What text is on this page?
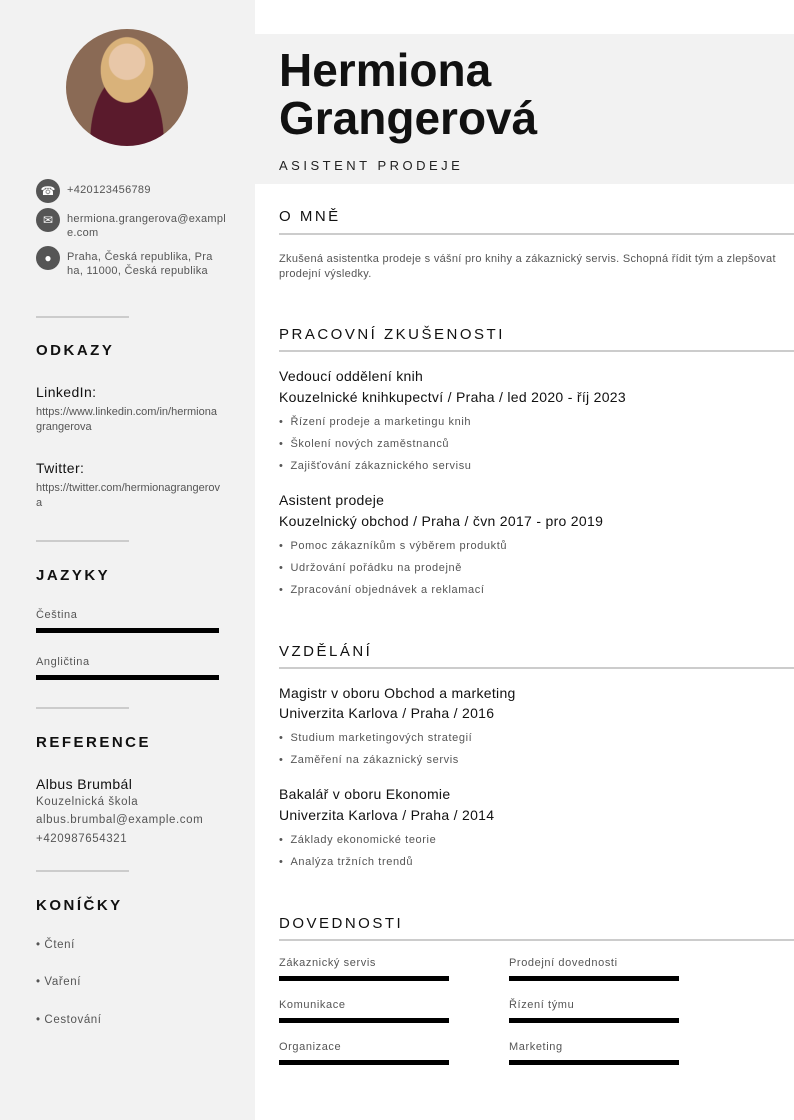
☎	+420123456789
✉	hermiona.grangerova@example.com
●	Praha, Česká republika, Praha, 11000, Česká republika
ODKAZY
LinkedIn:
https://www.linkedin.com/in/hermionagrangerova
Twitter:
https://twitter.com/hermionagrangerova
JAZYKY
Čeština
Angličtina
REFERENCE
Albus Brumbál
Kouzelnická škola
albus.brumbal@example.com
+420987654321
KONÍČKY
• Čtení
• Vaření
• Cestování
Hermiona
Grangerová
ASISTENT PRODEJE
O MNĚ
Zkušená asistentka prodeje s vášní pro knihy a zákaznický servis. Schopná řídit tým a zlepšovat prodejní výsledky.
PRACOVNÍ ZKUŠENOSTI
Vedoucí oddělení knih
Kouzelnické knihkupectví / Praha / led 2020 - říj 2023
• Řízení prodeje a marketingu knih
• Školení nových zaměstnanců
• Zajišťování zákaznického servisu
Asistent prodeje
Kouzelnický obchod / Praha / čvn 2017 - pro 2019
• Pomoc zákazníkům s výběrem produktů
• Udržování pořádku na prodejně
• Zpracování objednávek a reklamací
VZDĚLÁNÍ
Magistr v oboru Obchod a marketing
Univerzita Karlova / Praha / 2016
• Studium marketingových strategií
• Zaměření na zákaznický servis
Bakalář v oboru Ekonomie
Univerzita Karlova / Praha / 2014
• Základy ekonomické teorie
• Analýza tržních trendů
DOVEDNOSTI
Zákaznický servis	Prodejní dovednosti
Komunikace	Řízení týmu
Organizace	Marketing
